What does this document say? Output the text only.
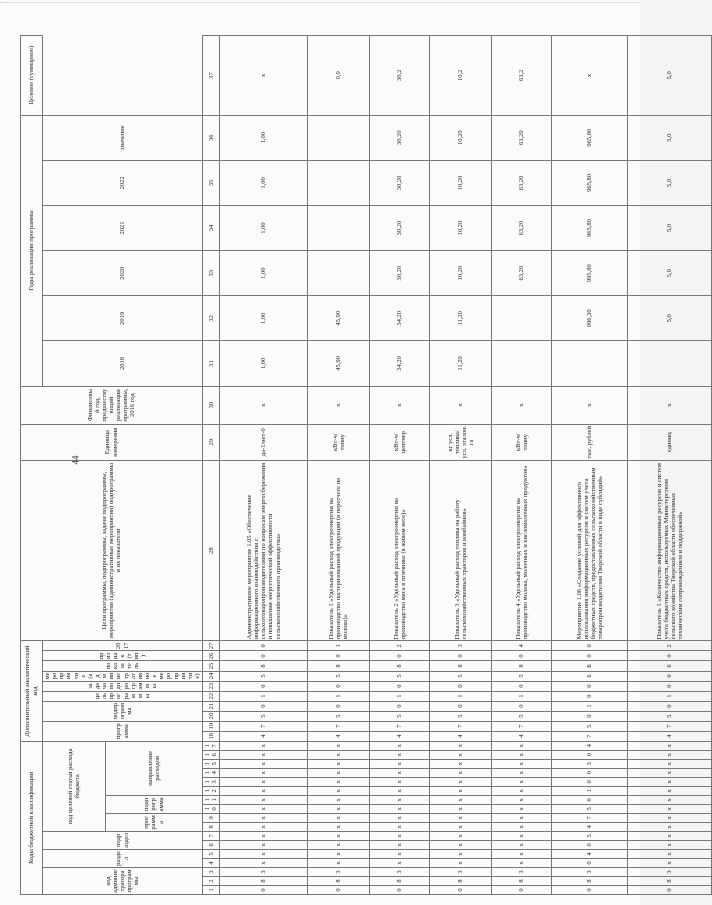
44
Коды бюджетной классификации																	Дополнительный аналитический код										Цели программы, подпрограммы, задачи подпрограммы, мероприятия (административные мероприятия) подпрограммы и их показатели	Единица измерения	Финансовый год, предшествующий реализации программы, 2016 год	Годы реализации программы						Целевое (суммарное)
код администратора программы			раздел		подраздел		код целевой статьи расхода бюджета										программа		подпрограмма		цель программы	задача подпрограммы	мероприятие (административное мероприятие)	показатель	признак (тип)	2017				2018	2019	2020	2021	2022	значение	
							программа		подпрограмма		направление расходов																									
1	2	3	4	5	6	7	8	9	10	11	12	13	14	15	16	17	18	19	20	21	22	23	24	25	26	27	28	29	30	31	32	33	34	35	36	37
0	8	3	x	x	x	x	x	x	x	x	x	x	x	x	x	x	4	7	5	0	1	0	5	8	0	0	Административное мероприятие 1.05 «Обеспечение информационного взаимодействия с сельхозтоваропроизводителями по вопросам энергосбережения и повышения энергетической эффективности сельскохозяйственного производства»	да-1/нет-0	x	1,00	1,00	1,00	1,00	1,00	1,00	x
0	8	3	x	x	x	x	x	x	x	x	x	x	x	x	x	x	4	7	5	0	1	0	5	8	0	1	Показатель 1 «Удельный расход электроэнергии на производство пастеризованной продукции (в пересчете на молоко)»	кВт-ч/тонну	x	45,90	45,90					0,0
0	8	3	x	x	x	x	x	x	x	x	x	x	x	x	x	x	4	7	5	0	1	0	5	8	0	2	Показатель 2 «Удельный расход электроэнергии на производство мяса в птичнике (в живом весе)»	кВт-ч/центнер	x	34,20	34,20	30,20	30,20	30,20	30,20	30,2
0	8	3	x	x	x	x	x	x	x	x	x	x	x	x	x	x	4	7	5	0	1	0	5	8	0	3	Показатель 3 «Удельный расход топлива на работу сельскохозяйственных тракторов и комбайнов»	кг усл. топлива/ усл. эталон. га	x	11,20	11,20	10,20	10,20	10,20	10,20	10,2
0	8	3	x	x	x	x	x	x	x	x	x	x	x	x	x	x	4	7	5	0	1	0	5	8	0	4	Показатель 4 «Удельный расход электроэнергии на производство молока, молочных и кисломолочных продуктов»	кВт-ч/тонну	x			63,20	63,20	63,20	63,20	63,2
0	8	3	0	4	0	5	4	7	5	0	1	0	0	3	0	4	7	5	0	1	0	0	6	Б	0	0	Мероприятие 1.06 «Создание условий для эффективного использования информационных ресурсов и систем учета бюджетных средств, предоставляемых сельскохозяйственным товаропроизводителям Тверской области в виде субсидий»	тыс. рублей	x		996,30	995,80	965,80	965,80	965,80	x
0	8	3	x	x	x	x	x	x	x	x	x	x	x	x	x	x	4	7	5	0	1	0	0	6	0	2	Показатель 1 «Количество информационных ресурсов и систем учета бюджетных средств, используемых Министерством сельского хозяйства Тверской области обеспеченных техническим сопровождением и поддержкой»	единиц	x		5,0	5,0	5,0	5,0	5,0	5,0
